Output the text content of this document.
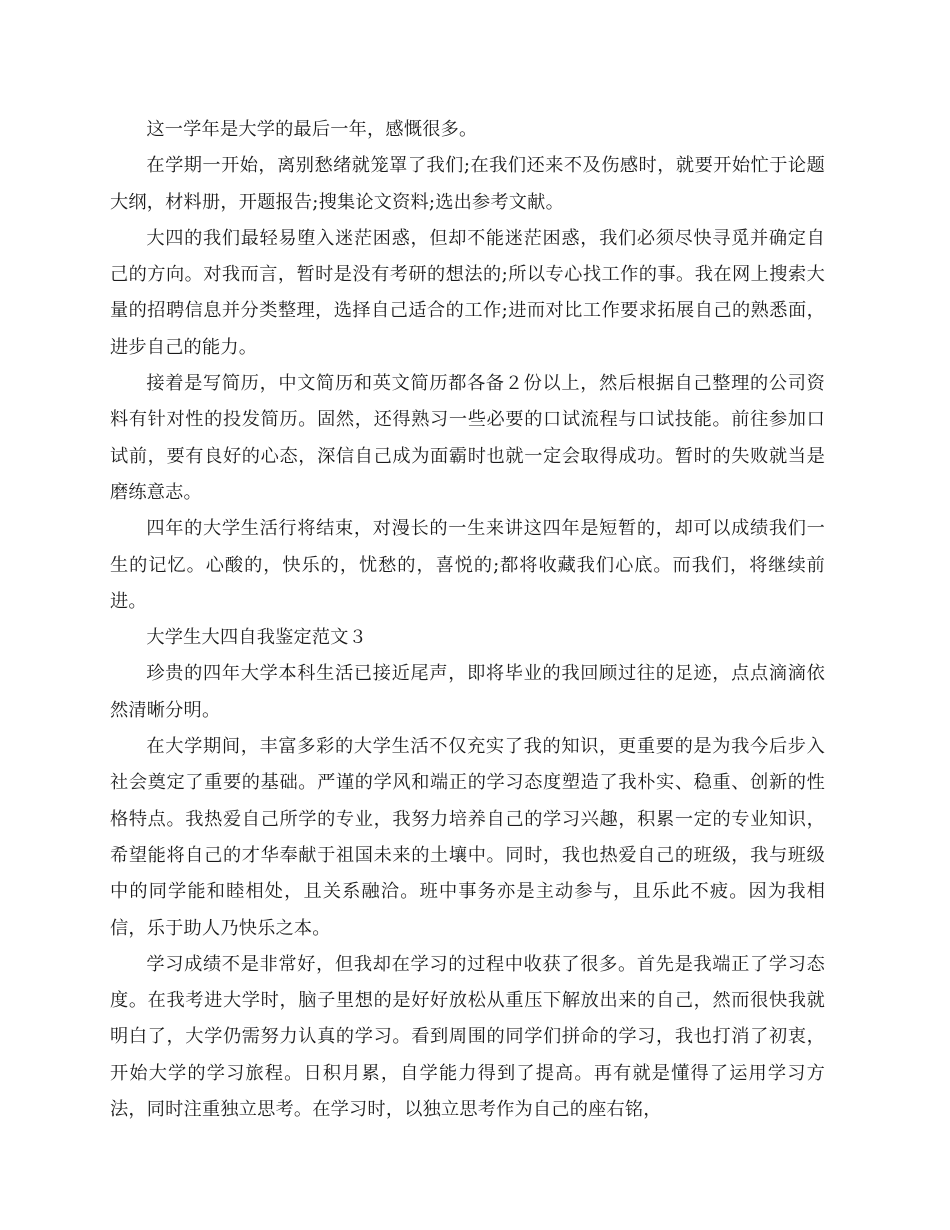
这一学年是大学的最后一年，感慨很多。

在学期一开始，离别愁绪就笼罩了我们;在我们还来不及伤感时，就要开始忙于论题大纲，材料册，开题报告;搜集论文资料;选出参考文献。

大四的我们最轻易堕入迷茫困惑，但却不能迷茫困惑，我们必须尽快寻觅并确定自己的方向。对我而言，暂时是没有考研的想法的;所以专心找工作的事。我在网上搜索大量的招聘信息并分类整理，选择自己适合的工作;进而对比工作要求拓展自己的熟悉面，进步自己的能力。

接着是写简历，中文简历和英文简历都各备２份以上，然后根据自己整理的公司资料有针对性的投发简历。固然，还得熟习一些必要的口试流程与口试技能。前往参加口试前，要有良好的心态，深信自己成为面霸时也就一定会取得成功。暂时的失败就当是磨练意志。

四年的大学生活行将结束，对漫长的一生来讲这四年是短暂的，却可以成绩我们一生的记忆。心酸的，快乐的，忧愁的，喜悦的;都将收藏我们心底。而我们，将继续前进。

大学生大四自我鉴定范文３

珍贵的四年大学本科生活已接近尾声，即将毕业的我回顾过往的足迹，点点滴滴依然清晰分明。

在大学期间，丰富多彩的大学生活不仅充实了我的知识，更重要的是为我今后步入社会奠定了重要的基础。严谨的学风和端正的学习态度塑造了我朴实、稳重、创新的性格特点。我热爱自己所学的专业，我努力培养自己的学习兴趣，积累一定的专业知识，希望能将自己的才华奉献于祖国未来的土壤中。同时，我也热爱自己的班级，我与班级中的同学能和睦相处，且关系融洽。班中事务亦是主动参与，且乐此不疲。因为我相信，乐于助人乃快乐之本。

学习成绩不是非常好，但我却在学习的过程中收获了很多。首先是我端正了学习态度。在我考进大学时，脑子里想的是好好放松从重压下解放出来的自己，然而很快我就明白了，大学仍需努力认真的学习。看到周围的同学们拼命的学习，我也打消了初衷，开始大学的学习旅程。日积月累，自学能力得到了提高。再有就是懂得了运用学习方法，同时注重独立思考。在学习时，以独立思考作为自己的座右铭，
